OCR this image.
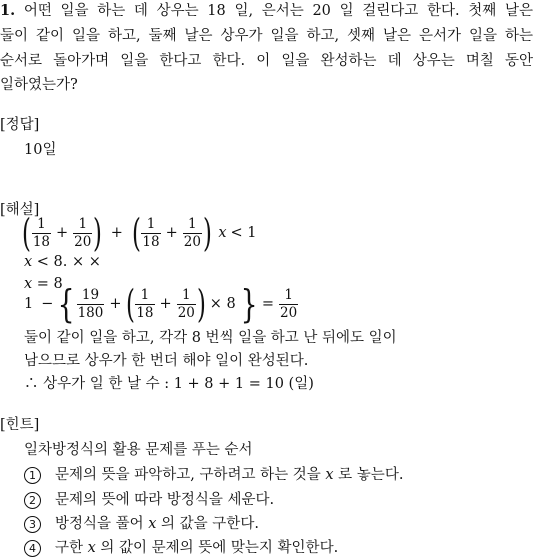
1. 어떤 일을 하는 데 상우는 18 일, 은서는 20 일 걸린다고 한다. 첫째 날은
둘이 같이 일을 하고, 둘째 날은 상우가 일을 하고, 셋째 날은 은서가 일을 하는
순서로 돌아가며 일을 한다고 한다. 이 일을 완성하는 데 상우는 며칠 동안
일하였는가?
[정답]
10일
[해설]
( $\frac{1}{18} + \frac{1}{20}$ ) + ( $\frac{1}{18} + \frac{1}{20}$ ) x < 1
x < 8. × ×
x = 8
1 − { $\frac{19}{180}$ + ( $\frac{1}{18} + \frac{1}{20}$ ) × 8 } = $\frac{1}{20}$
둘이 같이 일을 하고, 각각 8 번씩 일을 하고 난 뒤에도 일이
남으므로 상우가 한 번더 해야 일이 완성된다.
∴ 상우가 일 한 날 수 : 1 + 8 + 1 = 10 (일)
[힌트]
일차방정식의 활용 문제를 푸는 순서
1 문제의 뜻을 파악하고, 구하려고 하는 것을 x 로 놓는다.
2 문제의 뜻에 따라 방정식을 세운다.
3 방정식을 풀어 x 의 값을 구한다.
4 구한 x 의 값이 문제의 뜻에 맞는지 확인한다.
